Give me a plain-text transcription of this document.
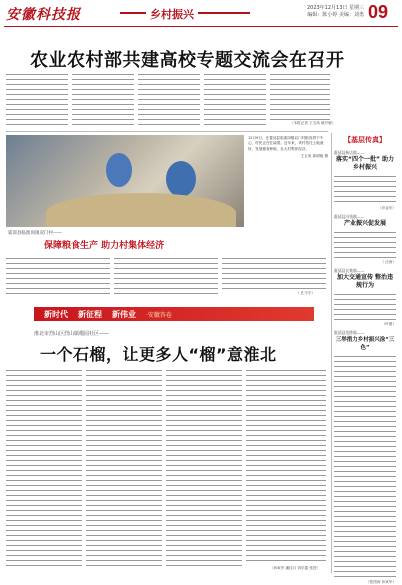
安徽科技报	乡村振兴	2023年12月13日 星期三
编辑：陈小婷 美编：刘勇 09
农业农村部共建高校专题交流会在召开
（本报记者 王玉凤 姚开敏）
12月9日，在霍邱县临淮岗镇双门村粮食烘干中心，村民正在忙碌着。近年来，该村依托土地流转，发展粮食种植，壮大村集体经济。
王玉凤 姜明镜 摄
霍邱县临淮岗镇双门村——
保障粮食生产 助力村集体经济
（ 孔令宇）
【基层传真】
霍邱县新店镇——
落实“四个一批” 助力乡村振兴
（乔业东）
霍邱县冯瓴镇——
产业振兴促发展
（ 汪涛）
霍邱县长集镇——
加大交通宣传 整治违规行为
（叶德）
霍邱县范桥镇——
三举措力乡村振兴涂“三色”
（张国涛 孙寅华）
新时代 新征程 新伟业 ·安徽答卷
淮北市烈山区烈山镇榴园社区——
一个石榴，让更多人“榴”意淮北
（孙寅华 潘佳月 刘乐霞 张进）
